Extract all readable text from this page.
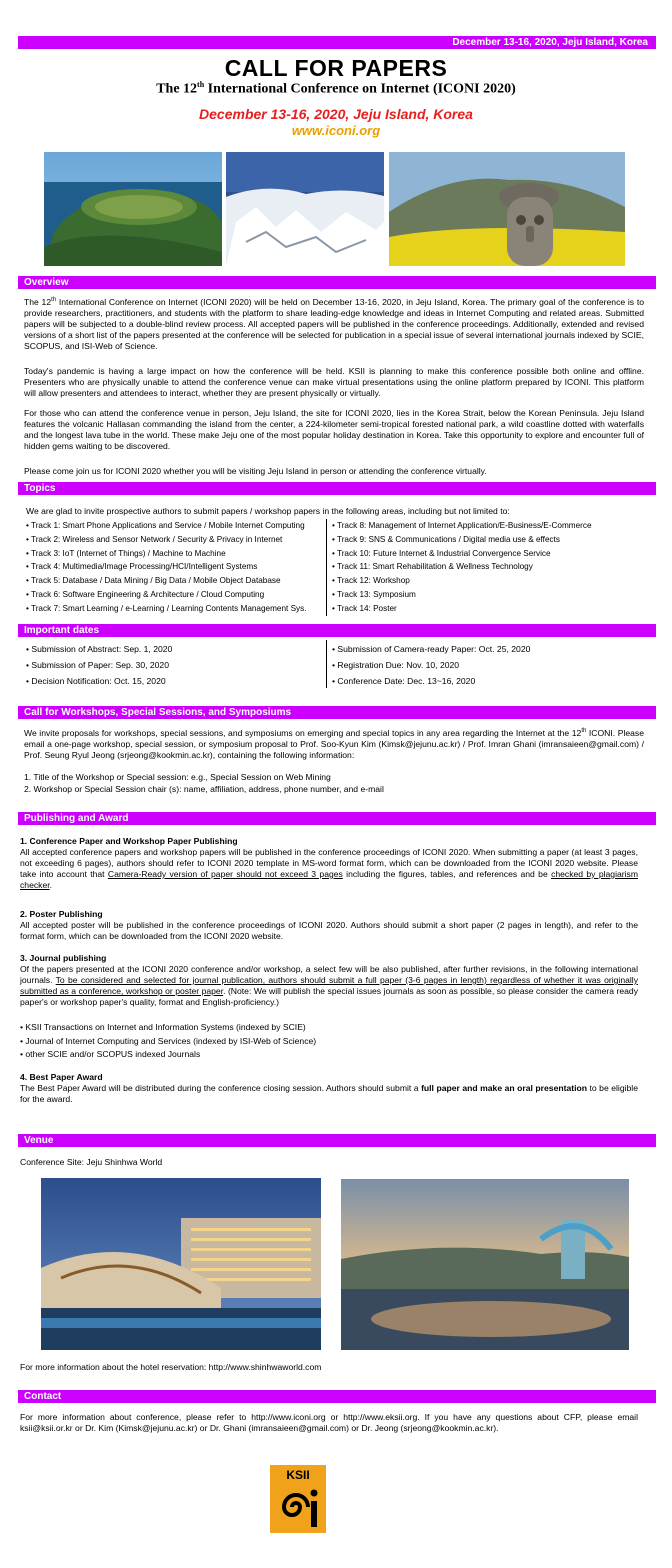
December 13-16, 2020, Jeju Island, Korea
CALL FOR PAPERS
The 12th International Conference on Internet (ICONI 2020)
December 13-16, 2020, Jeju Island, Korea
www.iconi.org
Overview
The 12th International Conference on Internet (ICONI 2020) will be held on December 13-16, 2020, in Jeju Island, Korea. The primary goal of the conference is to provide researchers, practitioners, and students with the platform to share leading-edge knowledge and ideas in Internet Computing and related areas. Submitted papers will be subjected to a double-blind review process. All accepted papers will be published in the conference proceedings. Additionally, extended and revised versions of a short list of the papers presented at the conference will be selected for publication in a special issue of several international journals indexed by SCIE, SCOPUS, and ISI-Web of Science.
Today's pandemic is having a large impact on how the conference will be held. KSII is planning to make this conference possible both online and offline. Presenters who are physically unable to attend the conference venue can make virtual presentations using the online platform prepared by ICONI. This platform will allow presenters and attendees to interact, whether they are present physically or virtually.
For those who can attend the conference venue in person, Jeju Island, the site for ICONI 2020, lies in the Korea Strait, below the Korean Peninsula. Jeju Island features the volcanic Hallasan commanding the island from the center, a 224-kilometer semi-tropical forested national park, a wild coastline dotted with waterfalls and the longest lava tube in the world. These make Jeju one of the most popular holiday destination in Korea. Take this opportunity to explore and encounter full of hidden gems waiting to be discovered.
Please come join us for ICONI 2020 whether you will be visiting Jeju Island in person or attending the conference virtually.
Topics
We are glad to invite prospective authors to submit papers / workshop papers in the following areas, including but not limited to:
• Track 1: Smart Phone Applications and Service / Mobile Internet Computing
• Track 2: Wireless and Sensor Network / Security & Privacy in Internet
• Track 3: IoT (Internet of Things) / Machine to Machine
• Track 4: Multimedia/Image Processing/HCI/Intelligent Systems
• Track 5: Database / Data Mining / Big Data / Mobile Object Database
• Track 6: Software Engineering & Architecture / Cloud Computing
• Track 7: Smart Learning / e-Learning / Learning Contents Management Sys.
• Track 8: Management of Internet Application/E-Business/E-Commerce
• Track 9: SNS & Communications / Digital media use & effects
• Track 10: Future Internet & Industrial Convergence Service
• Track 11: Smart Rehabilitation & Wellness Technology
• Track 12: Workshop
• Track 13: Symposium
• Track 14: Poster
Important dates
• Submission of Abstract: Sep. 1, 2020
• Submission of Paper: Sep. 30, 2020
• Decision Notification: Oct. 15, 2020
• Submission of Camera-ready Paper: Oct. 25, 2020
• Registration Due: Nov. 10, 2020
• Conference Date: Dec. 13~16, 2020
Call for Workshops, Special Sessions, and Symposiums
We invite proposals for workshops, special sessions, and symposiums on emerging and special topics in any area regarding the Internet at the 12th ICONI. Please email a one-page workshop, special session, or symposium proposal to Prof. Soo-Kyun Kim (Kimsk@jejunu.ac.kr) / Prof. Imran Ghani (imransaieen@gmail.com) / Prof. Seung Ryul Jeong (srjeong@kookmin.ac.kr), containing the following information:
1. Title of the Workshop or Special session: e.g., Special Session on Web Mining
2. Workshop or Special Session chair (s): name, affiliation, address, phone number, and e-mail
Publishing and Award
1. Conference Paper and Workshop Paper Publishing
All accepted conference papers and workshop papers will be published in the conference proceedings of ICONI 2020. When submitting a paper (at least 3 pages, not exceeding 6 pages), authors should refer to ICONI 2020 template in MS-word format form, which can be downloaded from the ICONI 2020 website. Please take into account that Camera-Ready version of paper should not exceed 3 pages including the figures, tables, and references and be checked by plagiarism checker.
2. Poster Publishing
All accepted poster will be published in the conference proceedings of ICONI 2020. Authors should submit a short paper (2 pages in length), and refer to the format form, which can be downloaded from the ICONI 2020 website.
3. Journal publishing
Of the papers presented at the ICONI 2020 conference and/or workshop, a select few will be also published, after further revisions, in the following international journals. To be considered and selected for journal publication, authors should submit a full paper (3-6 pages in length) regardless of whether it was originally submitted as a conference, workshop or poster paper. (Note: We will publish the special issues journals as soon as possible, so please consider the camera ready paper's or workshop paper's quality, format and English-proficiency.)
• KSII Transactions on Internet and Information Systems (indexed by SCIE)
• Journal of Internet Computing and Services (indexed by ISI-Web of Science)
• other SCIE and/or SCOPUS indexed Journals
4. Best Paper Award
The Best Paper Award will be distributed during the conference closing session. Authors should submit a full paper and make an oral presentation to be eligible for the award.
Venue
Conference Site: Jeju Shinhwa World
For more information about the hotel reservation: http://www.shinhwaworld.com
Contact
For more information about conference, please refer to http://www.iconi.org or http://www.eksii.org. If you have any questions about CFP, please email ksii@ksii.or.kr or Dr. Kim (Kimsk@jejunu.ac.kr) or Dr. Ghani (imransaieen@gmail.com) or Dr. Jeong (srjeong@kookmin.ac.kr).
KSII
